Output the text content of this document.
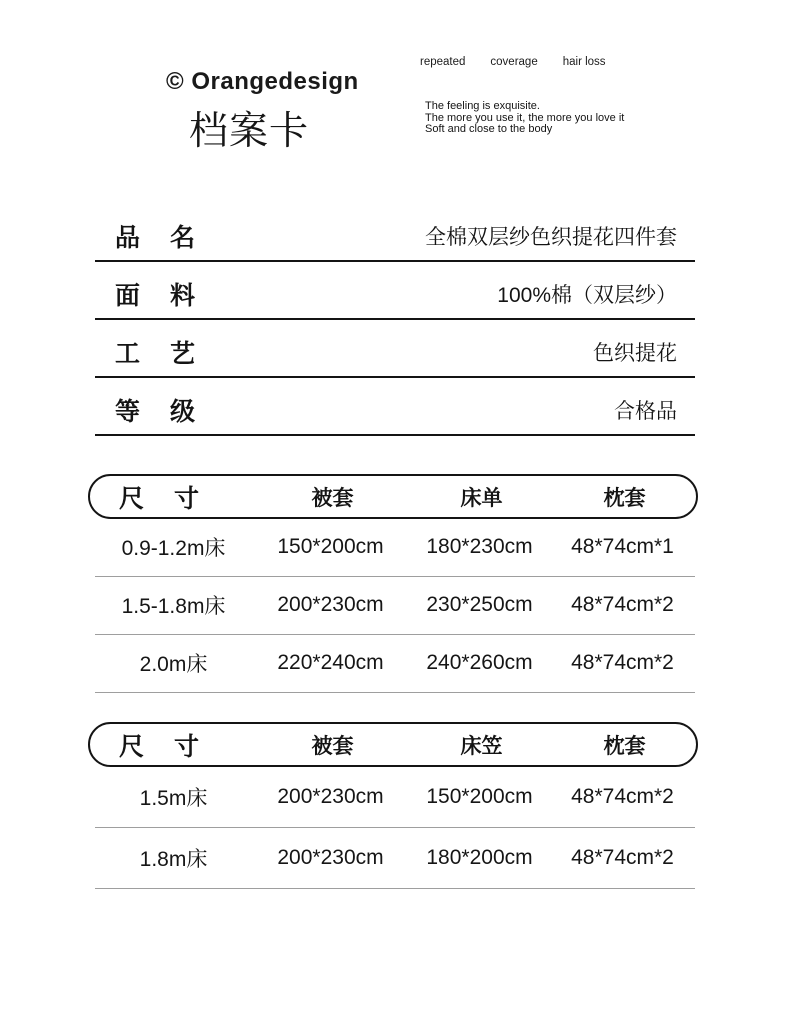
© Orangedesign
档案卡
repeated coverage hair loss
The feeling is exquisite.
The more you use it, the more you love it
Soft and close to the body
品 名	全棉双层纱色织提花四件套
面 料	100%棉（双层纱）
工 艺	色织提花
等 级	合格品
尺 寸	被套	床单	枕套
0.9-1.2m床	150*200cm	180*230cm	48*74cm*1
1.5-1.8m床	200*230cm	230*250cm	48*74cm*2
2.0m床	220*240cm	240*260cm	48*74cm*2
尺 寸	被套	床笠	枕套
1.5m床	200*230cm	150*200cm	48*74cm*2
1.8m床	200*230cm	180*200cm	48*74cm*2
